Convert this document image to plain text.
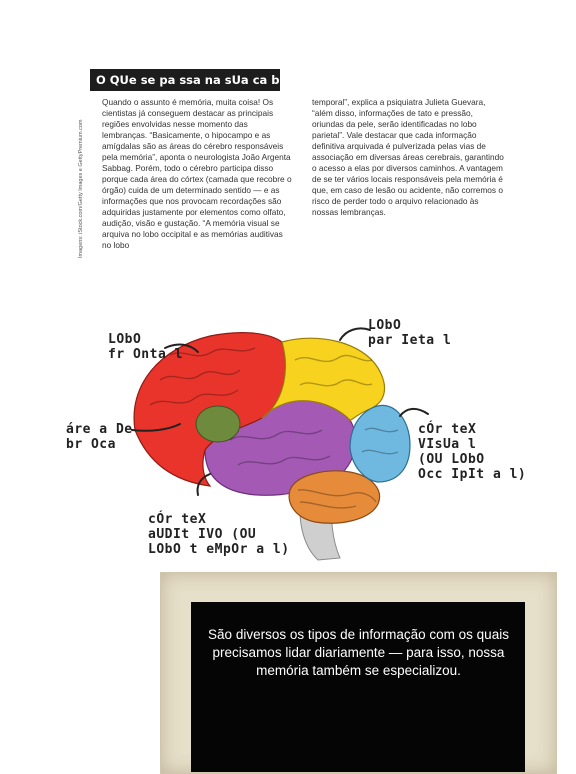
O QUe se pa ssa na sUa ca be ç a?
Imagens: iStock.com/Getty Images e GettyPremium.com

Quando o assunto é memória, muita coisa! Os cientistas já conseguem destacar as principais regiões envolvidas nesse momento das lembranças. “Basicamente, o hipocampo e as amígdalas são as áreas do cérebro responsáveis pela memória”, aponta o neurologista João Argenta Sabbag. Porém, todo o cérebro participa disso porque cada área do córtex (camada que recobre o órgão) cuida de um determinado sentido — e as informações que nos provocam recordações são adquiridas justamente por elementos como olfato, audição, visão e gustação. “A memória visual se arquiva no lobo occipital e as memórias auditivas no lobo

temporal”, explica a psiquiatra Julieta Guevara, “além disso, informações de tato e pressão, oriundas da pele, serão identificadas no lobo parietal”. Vale destacar que cada informação definitiva arquivada é pulverizada pelas vias de associação em diversas áreas cerebrais, garantindo o acesso a elas por diversos caminhos. A vantagem de se ter vários locais responsáveis pela memória é que, em caso de lesão ou acidente, não corremos o risco de perder todo o arquivo relacionado às nossas lembranças.

LObO
fr Onta l
LObO
par Ieta l
áre a De
br Oca
cÓr teX
VIsUa l
(OU LObO
Occ IpIt a l)
cÓr teX
aUDIt IVO (OU
LObO t eMpOr a l)

São diversos os tipos de informação com os quais precisamos lidar diariamente — para isso, nossa memória também se especializou.
